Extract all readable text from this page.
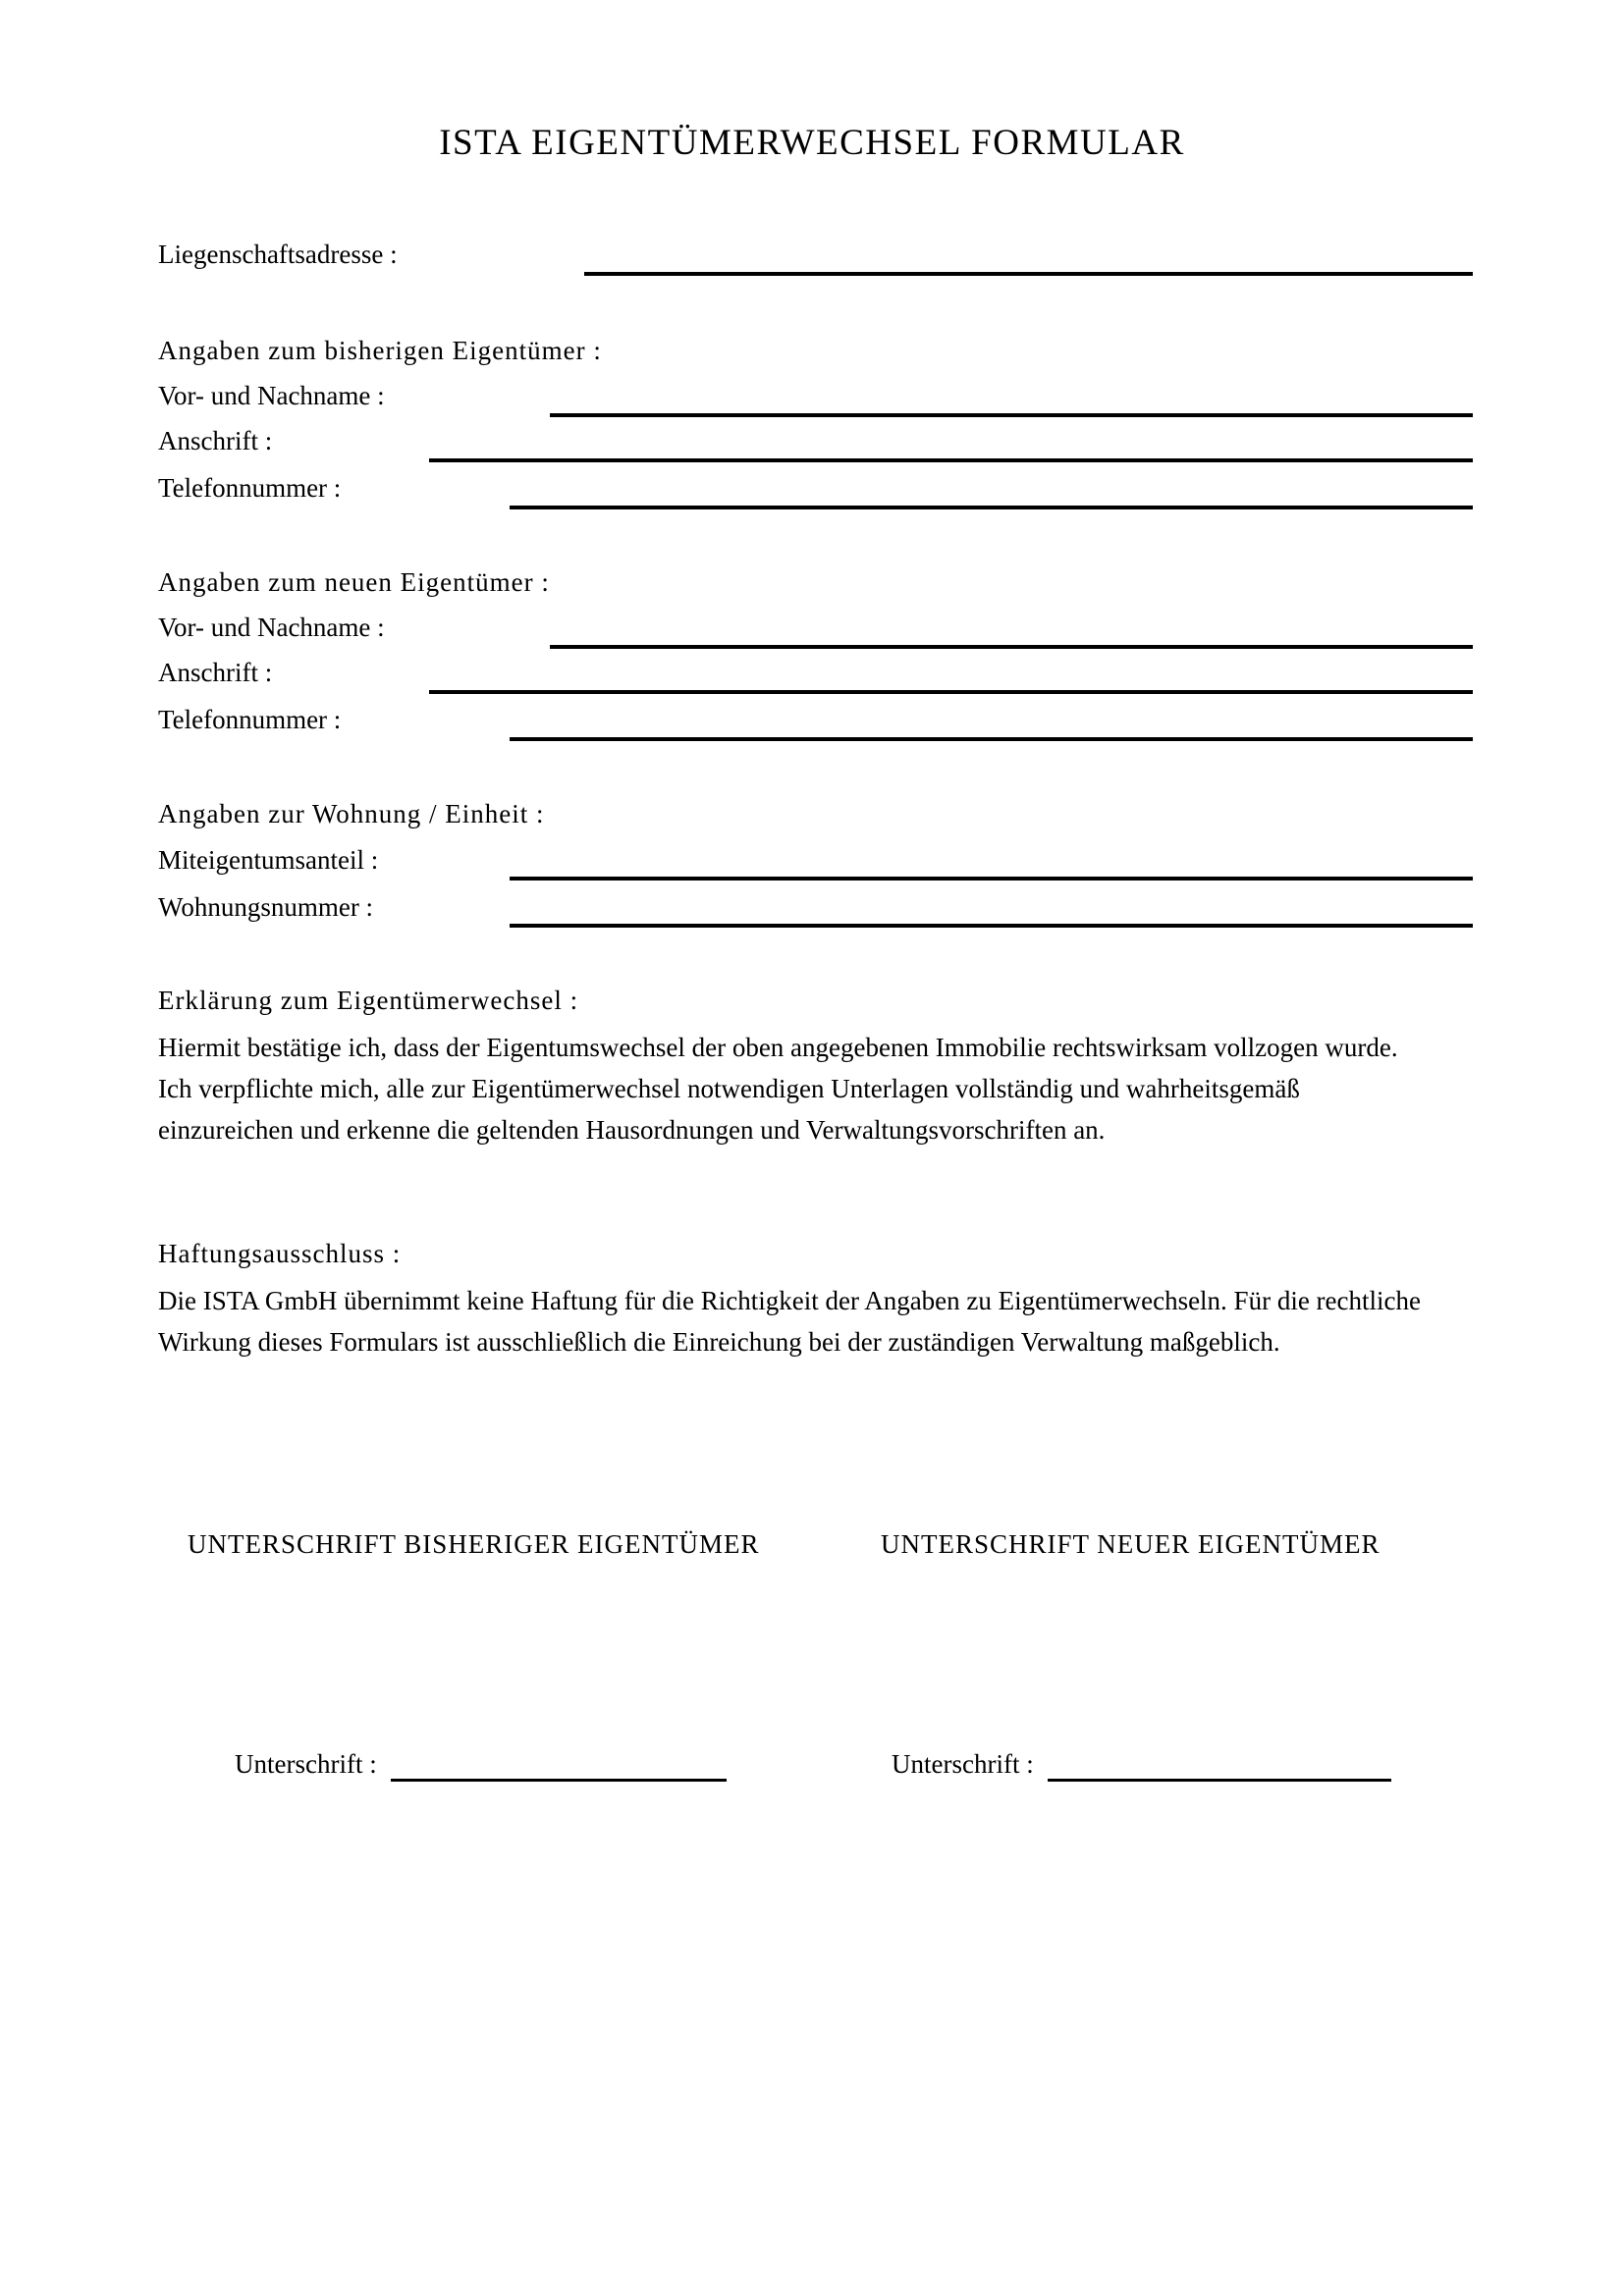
ISTA EIGENTÜMERWECHSEL FORMULAR
Liegenschaftsadresse :
Angaben zum bisherigen Eigentümer :
Vor- und Nachname :
Anschrift :
Telefonnummer :
Angaben zum neuen Eigentümer :
Vor- und Nachname :
Anschrift :
Telefonnummer :
Angaben zur Wohnung / Einheit :
Miteigentumsanteil :
Wohnungsnummer :
Erklärung zum Eigentümerwechsel :
Hiermit bestätige ich, dass der Eigentumswechsel der oben angegebenen Immobilie rechtswirksam vollzogen wurde.
Ich verpflichte mich, alle zur Eigentümerwechsel notwendigen Unterlagen vollständig und wahrheitsgemäß
einzureichen und erkenne die geltenden Hausordnungen und Verwaltungsvorschriften an.
Haftungsausschluss :
Die ISTA GmbH übernimmt keine Haftung für die Richtigkeit der Angaben zu Eigentümerwechseln. Für die rechtliche
Wirkung dieses Formulars ist ausschließlich die Einreichung bei der zuständigen Verwaltung maßgeblich.
UNTERSCHRIFT BISHERIGER EIGENTÜMER	UNTERSCHRIFT NEUER EIGENTÜMER
Unterschrift :	Unterschrift :
